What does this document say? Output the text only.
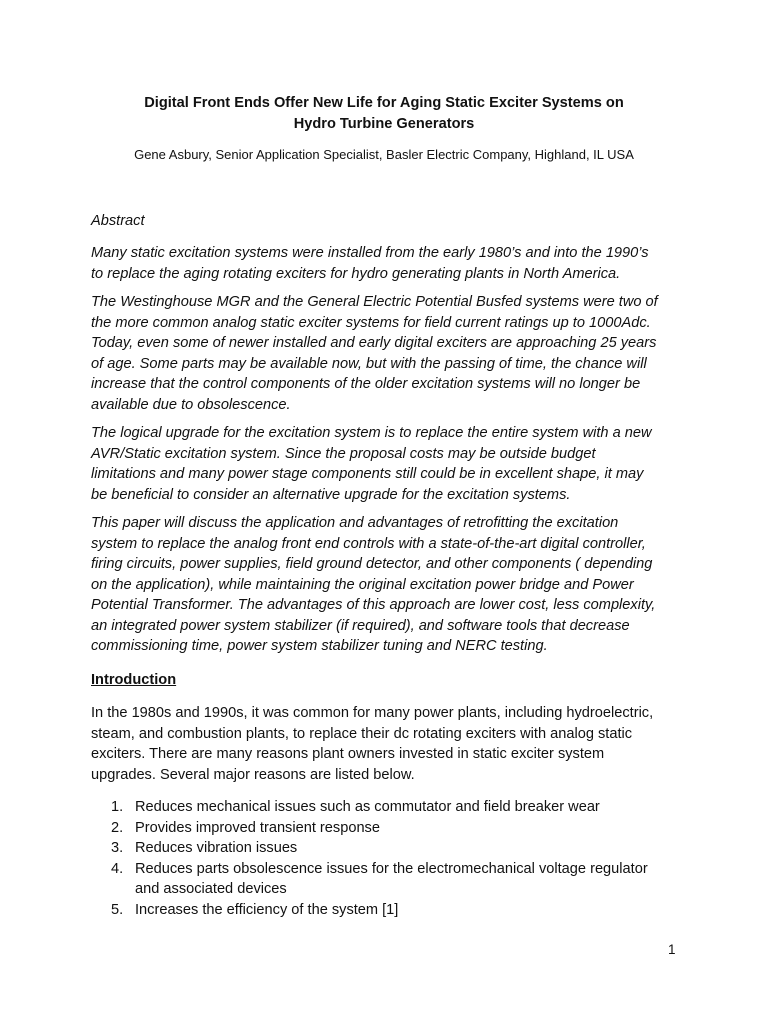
Digital Front Ends Offer New Life for Aging Static Exciter Systems on
Hydro Turbine Generators
Gene Asbury, Senior Application Specialist, Basler Electric Company, Highland, IL USA
Abstract

Many static excitation systems were installed from the early 1980’s and into the 1990’s
to replace the aging rotating exciters for hydro generating plants in North America.

The Westinghouse MGR and the General Electric Potential Busfed systems were two of
the more common analog static exciter systems for field current ratings up to 1000Adc.
Today, even some of newer installed and early digital exciters are approaching 25 years
of age. Some parts may be available now, but with the passing of time, the chance will
increase that the control components of the older excitation systems will no longer be
available due to obsolescence.

The logical upgrade for the excitation system is to replace the entire system with a new
AVR/Static excitation system. Since the proposal costs may be outside budget
limitations and many power stage components still could be in excellent shape, it may
be beneficial to consider an alternative upgrade for the excitation systems.

This paper will discuss the application and advantages of retrofitting the excitation
system to replace the analog front end controls with a state-of-the-art digital controller,
firing circuits, power supplies, field ground detector, and other components ( depending
on the application), while maintaining the original excitation power bridge and Power
Potential Transformer. The advantages of this approach are lower cost, less complexity,
an integrated power system stabilizer (if required), and software tools that decrease
commissioning time, power system stabilizer tuning and NERC testing.

Introduction

In the 1980s and 1990s, it was common for many power plants, including hydroelectric,
steam, and combustion plants, to replace their dc rotating exciters with analog static
exciters. There are many reasons plant owners invested in static exciter system
upgrades. Several major reasons are listed below.

1. Reduces mechanical issues such as commutator and field breaker wear
2. Provides improved transient response
3. Reduces vibration issues
4. Reduces parts obsolescence issues for the electromechanical voltage regulator
and associated devices
5. Increases the efficiency of the system [1]
1
